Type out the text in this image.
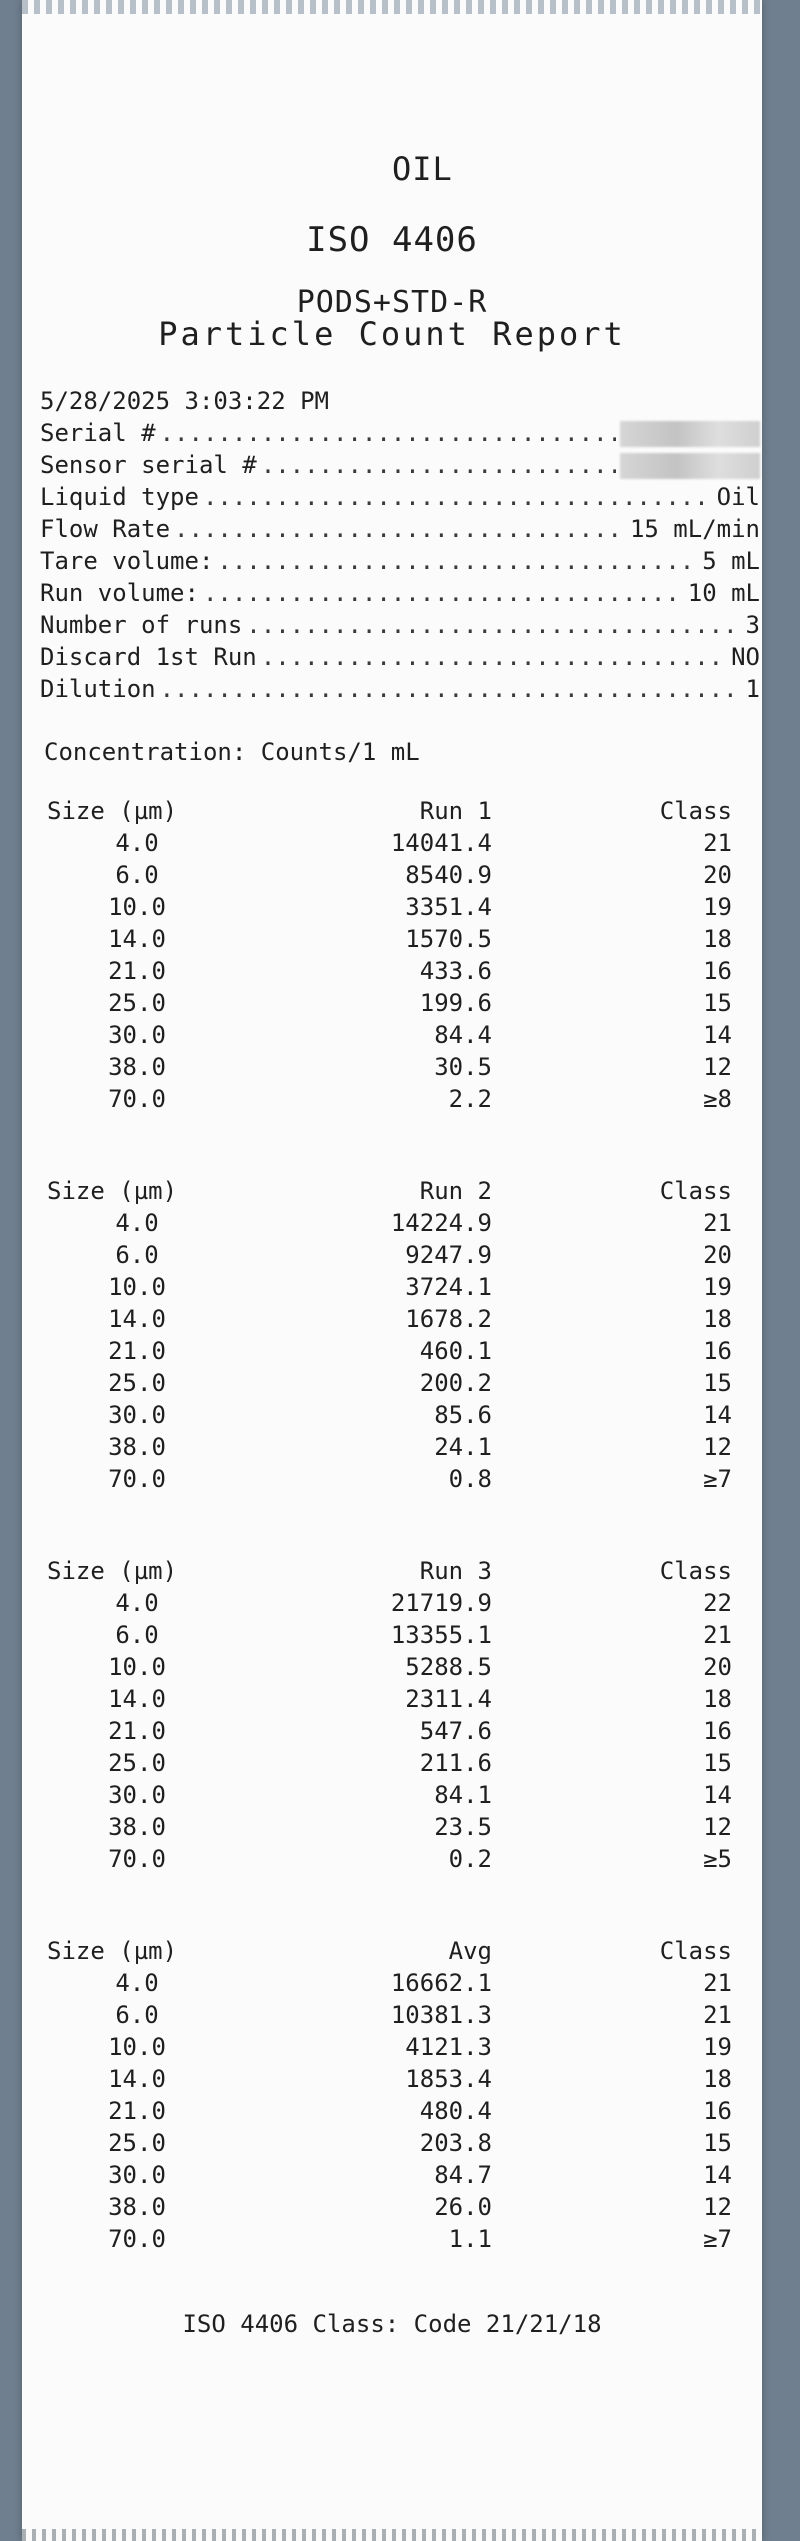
OIL
ISO 4406
PODS+STD-R
Particle Count Report
5/28/2025 3:03:22 PM
Serial #
.....
Sensor serial #
.....
Liquid type .....	Oil
Flow Rate .....	15 mL/min
Tare volume: .....	5 mL
Run volume: .....	10 mL
Number of runs .....	3
Discard 1st Run .....	NO
Dilution .....	1
Concentration: Counts/1 mL
Size (µm)	Run 1	Class
4.0	14041.4	21
6.0	8540.9	20
10.0	3351.4	19
14.0	1570.5	18
21.0	433.6	16
25.0	199.6	15
30.0	84.4	14
38.0	30.5	12
70.0	2.2	≥8
Size (µm)	Run 2	Class
4.0	14224.9	21
6.0	9247.9	20
10.0	3724.1	19
14.0	1678.2	18
21.0	460.1	16
25.0	200.2	15
30.0	85.6	14
38.0	24.1	12
70.0	0.8	≥7
Size (µm)	Run 3	Class
4.0	21719.9	22
6.0	13355.1	21
10.0	5288.5	20
14.0	2311.4	18
21.0	547.6	16
25.0	211.6	15
30.0	84.1	14
38.0	23.5	12
70.0	0.2	≥5
Size (µm)	Avg	Class
4.0	16662.1	21
6.0	10381.3	21
10.0	4121.3	19
14.0	1853.4	18
21.0	480.4	16
25.0	203.8	15
30.0	84.7	14
38.0	26.0	12
70.0	1.1	≥7
ISO 4406 Class: Code 21/21/18
